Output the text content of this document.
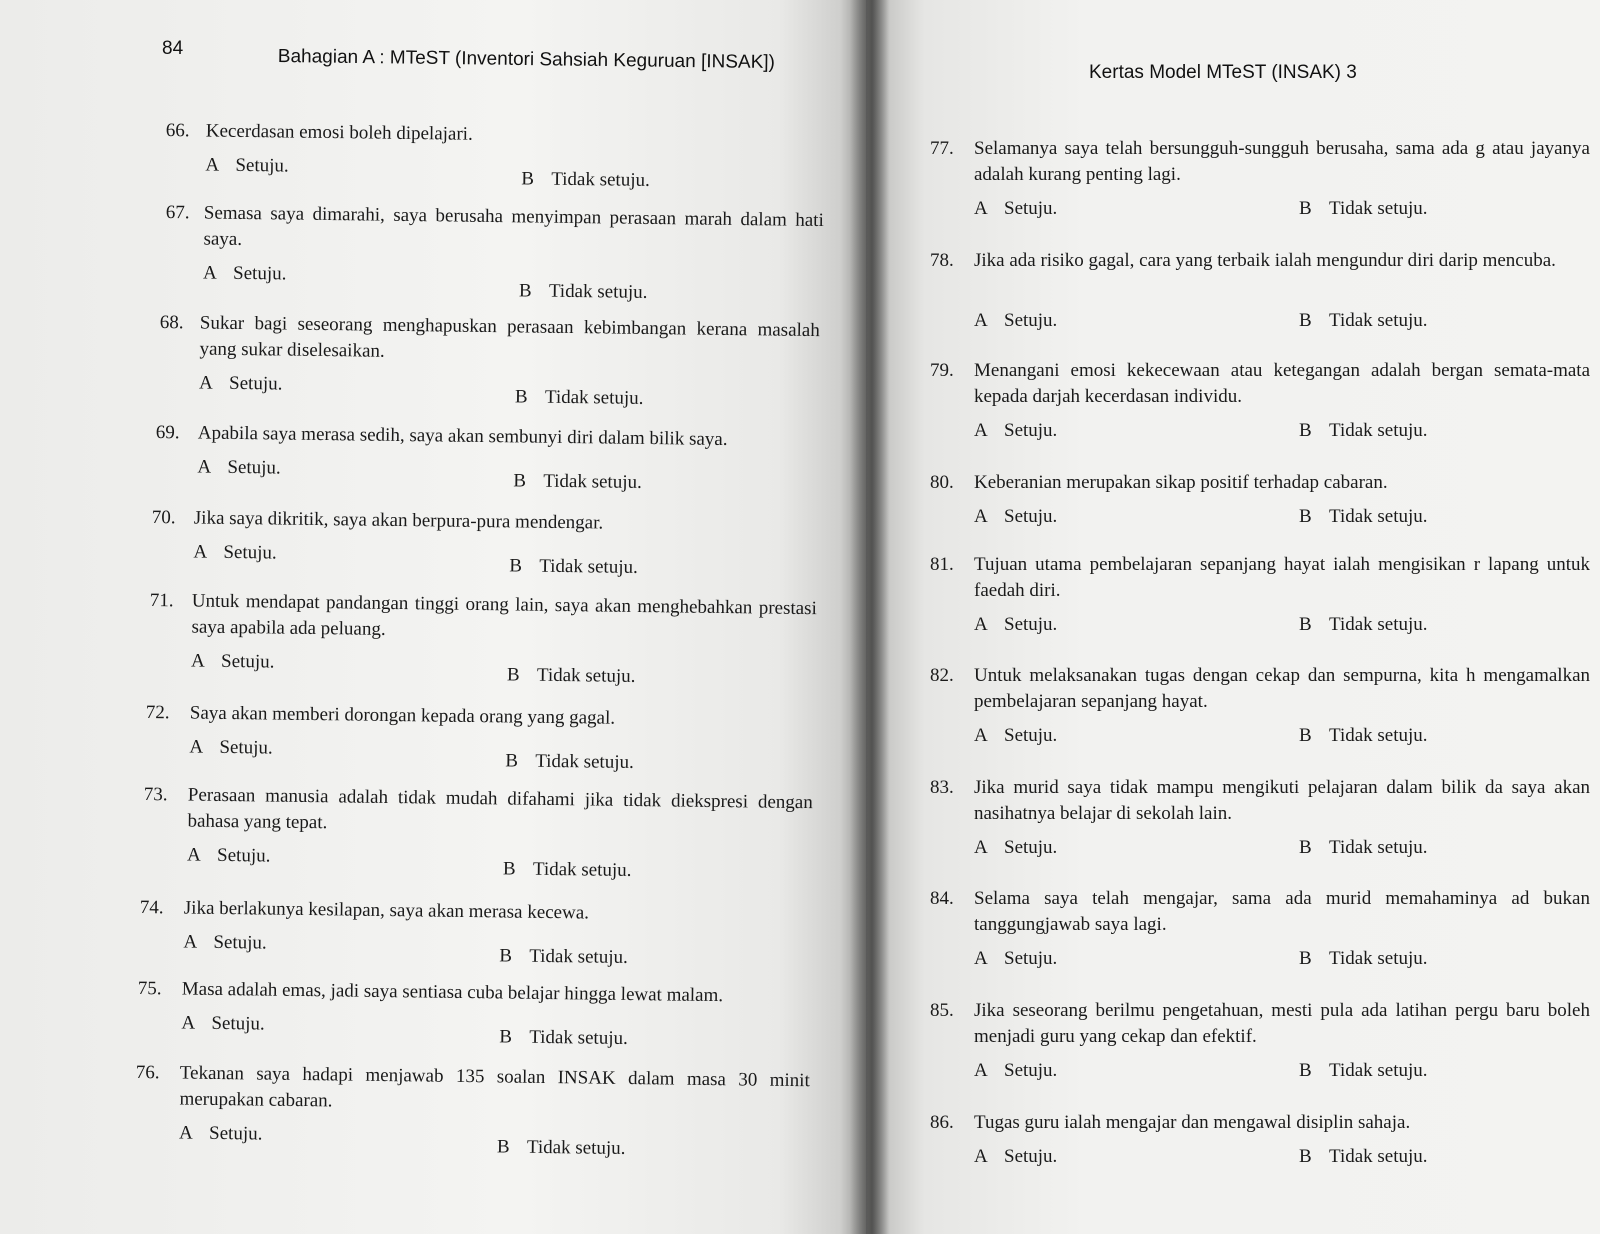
84	Bahagian A : MTeST (Inventori Sahsiah Keguruan [INSAK])
66. Kecerdasan emosi boleh dipelajari.
A Setuju.
B Tidak setuju.
67. Semasa saya dimarahi, saya berusaha menyimpan perasaan marah dalam hati saya.
A Setuju.
B Tidak setuju.
68. Sukar bagi seseorang menghapuskan perasaan kebimbangan kerana masalah yang sukar diselesaikan.
A Setuju.
B Tidak setuju.
69. Apabila saya merasa sedih, saya akan sembunyi diri dalam bilik saya.
A Setuju.
B Tidak setuju.
70. Jika saya dikritik, saya akan berpura-pura mendengar.
A Setuju.
B Tidak setuju.
71. Untuk mendapat pandangan tinggi orang lain, saya akan menghebahkan prestasi saya apabila ada peluang.
A Setuju.
B Tidak setuju.
72. Saya akan memberi dorongan kepada orang yang gagal.
A Setuju.
B Tidak setuju.
73. Perasaan manusia adalah tidak mudah difahami jika tidak diekspresi dengan bahasa yang tepat.
A Setuju.
B Tidak setuju.
74. Jika berlakunya kesilapan, saya akan merasa kecewa.
A Setuju.
B Tidak setuju.
75. Masa adalah emas, jadi saya sentiasa cuba belajar hingga lewat malam.
A Setuju.
B Tidak setuju.
76. Tekanan saya hadapi menjawab 135 soalan INSAK dalam masa 30 minit merupakan cabaran.
A Setuju.
B Tidak setuju.
Kertas Model MTeST (INSAK) 3
77. Selamanya saya telah bersungguh-sungguh berusaha, sama ada g atau jayanya adalah kurang penting lagi.
A Setuju.	B Tidak setuju.
78. Jika ada risiko gagal, cara yang terbaik ialah mengundur diri darip mencuba.
A Setuju.	B Tidak setuju.
79. Menangani emosi kekecewaan atau ketegangan adalah bergan semata-mata kepada darjah kecerdasan individu.
A Setuju.	B Tidak setuju.
80. Keberanian merupakan sikap positif terhadap cabaran.
A Setuju.	B Tidak setuju.
81. Tujuan utama pembelajaran sepanjang hayat ialah mengisikan r lapang untuk faedah diri.
A Setuju.	B Tidak setuju.
82. Untuk melaksanakan tugas dengan cekap dan sempurna, kita h mengamalkan pembelajaran sepanjang hayat.
A Setuju.	B Tidak setuju.
83. Jika murid saya tidak mampu mengikuti pelajaran dalam bilik da saya akan nasihatnya belajar di sekolah lain.
A Setuju.	B Tidak setuju.
84. Selama saya telah mengajar, sama ada murid memahaminya ad bukan tanggungjawab saya lagi.
A Setuju.	B Tidak setuju.
85. Jika seseorang berilmu pengetahuan, mesti pula ada latihan pergu baru boleh menjadi guru yang cekap dan efektif.
A Setuju.	B Tidak setuju.
86. Tugas guru ialah mengajar dan mengawal disiplin sahaja.
A Setuju.	B Tidak setuju.
